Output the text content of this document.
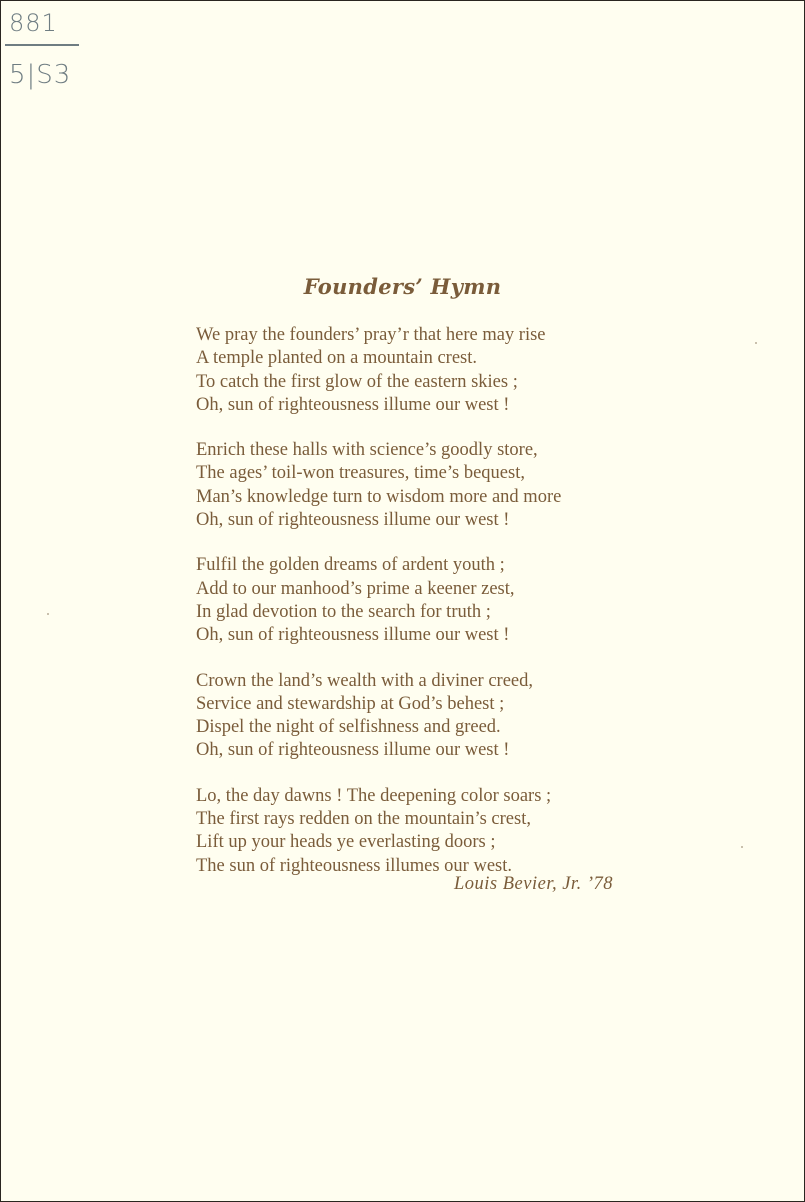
881
5|S3
Founders’ Hymn
We pray the founders’ pray’r that here may rise
A temple planted on a mountain crest.
To catch the first glow of the eastern skies ;
Oh, sun of righteousness illume our west !
Enrich these halls with science’s goodly store,
The ages’ toil-won treasures, time’s bequest,
Man’s knowledge turn to wisdom more and more
Oh, sun of righteousness illume our west !
Fulfil the golden dreams of ardent youth ;
Add to our manhood’s prime a keener zest,
In glad devotion to the search for truth ;
Oh, sun of righteousness illume our west !
Crown the land’s wealth with a diviner creed,
Service and stewardship at God’s behest ;
Dispel the night of selfishness and greed.
Oh, sun of righteousness illume our west !
Lo, the day dawns ! The deepening color soars ;
The first rays redden on the mountain’s crest,
Lift up your heads ye everlasting doors ;
The sun of righteousness illumes our west.
Louis Bevier, Jr. ’78
